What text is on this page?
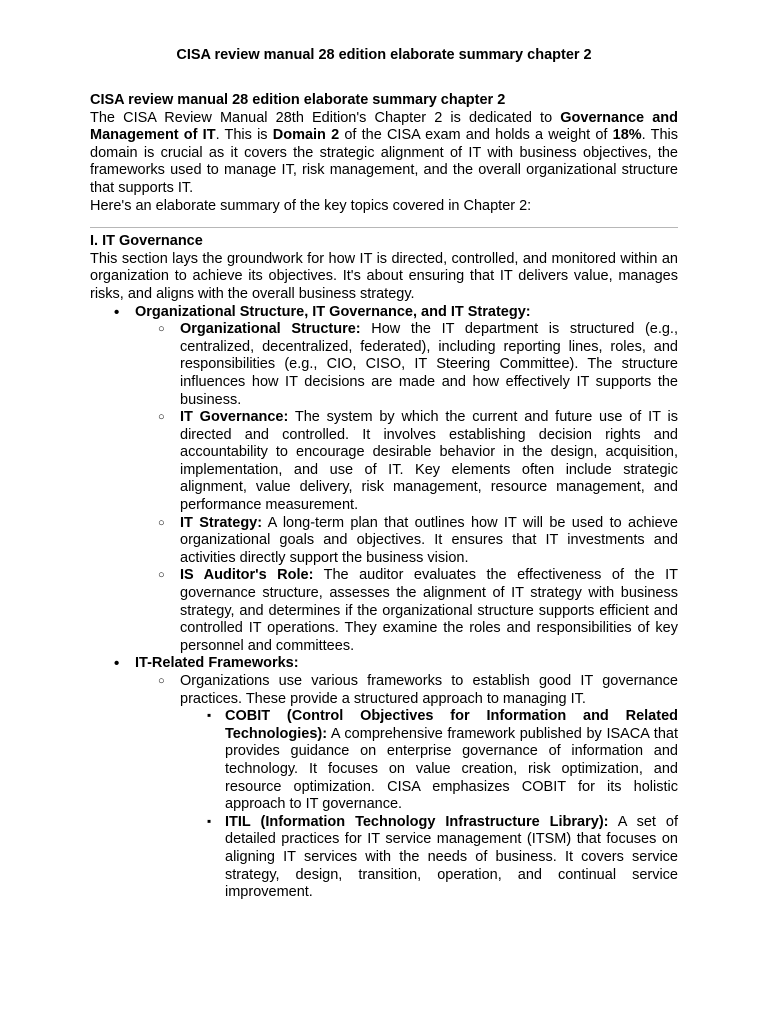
CISA review manual 28 edition elaborate summary chapter 2

CISA review manual 28 edition elaborate summary chapter 2

The CISA Review Manual 28th Edition's Chapter 2 is dedicated to Governance and Management of IT. This is Domain 2 of the CISA exam and holds a weight of 18%. This domain is crucial as it covers the strategic alignment of IT with business objectives, the frameworks used to manage IT, risk management, and the overall organizational structure that supports IT.

Here's an elaborate summary of the key topics covered in Chapter 2:

I. IT Governance

This section lays the groundwork for how IT is directed, controlled, and monitored within an organization to achieve its objectives. It's about ensuring that IT delivers value, manages risks, and aligns with the overall business strategy.

• Organizational Structure, IT Governance, and IT Strategy:
○ Organizational Structure: How the IT department is structured (e.g., centralized, decentralized, federated), including reporting lines, roles, and responsibilities (e.g., CIO, CISO, IT Steering Committee). The structure influences how IT decisions are made and how effectively IT supports the business.
○ IT Governance: The system by which the current and future use of IT is directed and controlled. It involves establishing decision rights and accountability to encourage desirable behavior in the design, acquisition, implementation, and use of IT. Key elements often include strategic alignment, value delivery, risk management, resource management, and performance measurement.
○ IT Strategy: A long-term plan that outlines how IT will be used to achieve organizational goals and objectives. It ensures that IT investments and activities directly support the business vision.
○ IS Auditor's Role: The auditor evaluates the effectiveness of the IT governance structure, assesses the alignment of IT strategy with business strategy, and determines if the organizational structure supports efficient and controlled IT operations. They examine the roles and responsibilities of key personnel and committees.
• IT-Related Frameworks:
○ Organizations use various frameworks to establish good IT governance practices. These provide a structured approach to managing IT.
▪ COBIT (Control Objectives for Information and Related Technologies): A comprehensive framework published by ISACA that provides guidance on enterprise governance of information and technology. It focuses on value creation, risk optimization, and resource optimization. CISA emphasizes COBIT for its holistic approach to IT governance.
▪ ITIL (Information Technology Infrastructure Library): A set of detailed practices for IT service management (ITSM) that focuses on aligning IT services with the needs of business. It covers service strategy, design, transition, operation, and continual service improvement.
